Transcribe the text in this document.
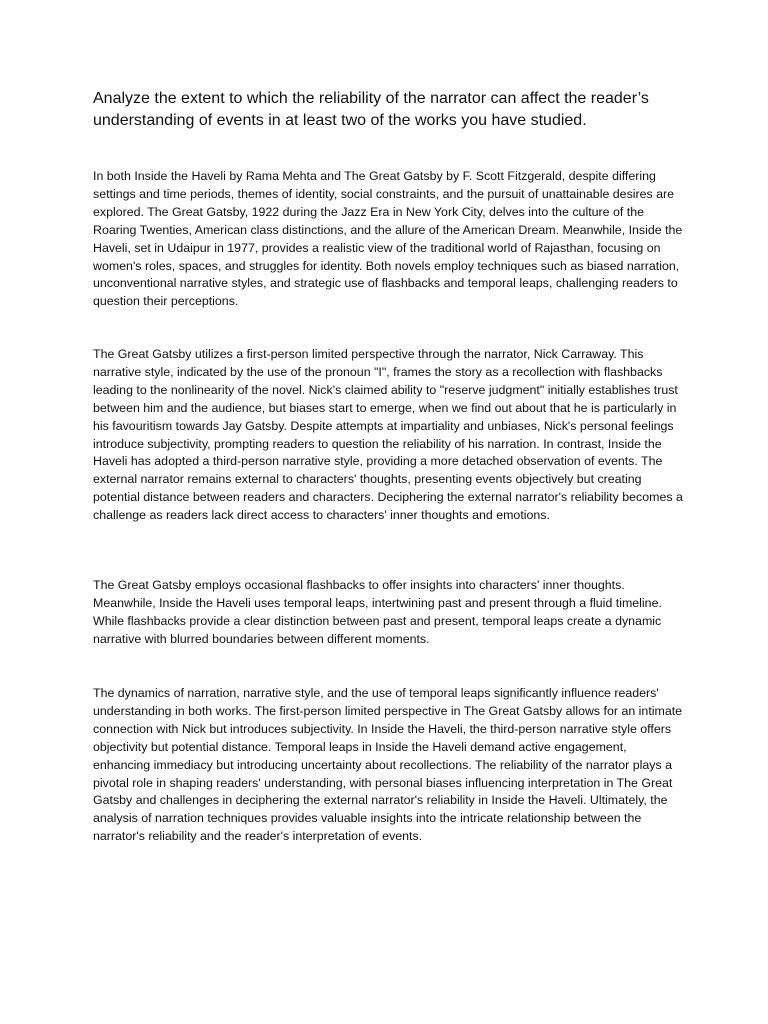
Analyze the extent to which the reliability of the narrator can affect the reader’s understanding of events in at least two of the works you have studied.

In both Inside the Haveli by Rama Mehta and The Great Gatsby by F. Scott Fitzgerald, despite differing settings and time periods, themes of identity, social constraints, and the pursuit of unattainable desires are explored. The Great Gatsby, 1922 during the Jazz Era in New York City, delves into the culture of the Roaring Twenties, American class distinctions, and the allure of the American Dream. Meanwhile, Inside the Haveli, set in Udaipur in 1977, provides a realistic view of the traditional world of Rajasthan, focusing on women's roles, spaces, and struggles for identity. Both novels employ techniques such as biased narration, unconventional narrative styles, and strategic use of flashbacks and temporal leaps, challenging readers to question their perceptions.

The Great Gatsby utilizes a first-person limited perspective through the narrator, Nick Carraway. This narrative style, indicated by the use of the pronoun "I", frames the story as a recollection with flashbacks leading to the nonlinearity of the novel. Nick's claimed ability to "reserve judgment" initially establishes trust between him and the audience, but biases start to emerge, when we find out about that he is particularly in his favouritism towards Jay Gatsby. Despite attempts at impartiality and unbiases, Nick's personal feelings introduce subjectivity, prompting readers to question the reliability of his narration. In contrast, Inside the Haveli has adopted a third-person narrative style, providing a more detached observation of events. The external narrator remains external to characters' thoughts, presenting events objectively but creating potential distance between readers and characters. Deciphering the external narrator's reliability becomes a challenge as readers lack direct access to characters' inner thoughts and emotions.

The Great Gatsby employs occasional flashbacks to offer insights into characters' inner thoughts. Meanwhile, Inside the Haveli uses temporal leaps, intertwining past and present through a fluid timeline. While flashbacks provide a clear distinction between past and present, temporal leaps create a dynamic narrative with blurred boundaries between different moments.

The dynamics of narration, narrative style, and the use of temporal leaps significantly influence readers' understanding in both works. The first-person limited perspective in The Great Gatsby allows for an intimate connection with Nick but introduces subjectivity. In Inside the Haveli, the third-person narrative style offers objectivity but potential distance. Temporal leaps in Inside the Haveli demand active engagement, enhancing immediacy but introducing uncertainty about recollections. The reliability of the narrator plays a pivotal role in shaping readers' understanding, with personal biases influencing interpretation in The Great Gatsby and challenges in deciphering the external narrator's reliability in Inside the Haveli. Ultimately, the analysis of narration techniques provides valuable insights into the intricate relationship between the narrator's reliability and the reader's interpretation of events.
